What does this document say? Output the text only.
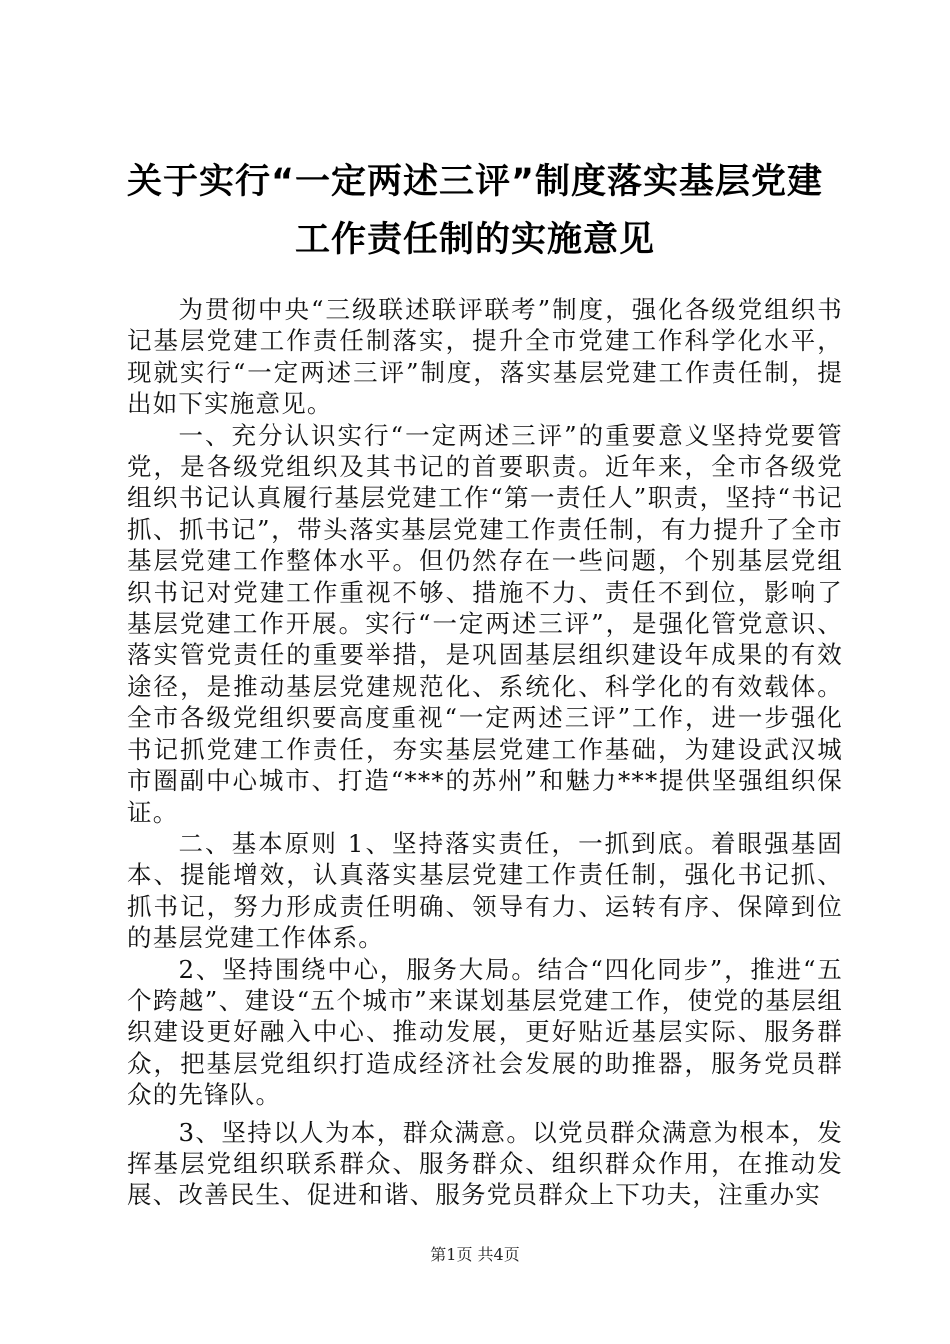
关于实行“一定两述三评”制度落实基层党建
工作责任制的实施意见

为贯彻中央“三级联述联评联考”制度，强化各级党组织书记基层党建工作责任制落实，提升全市党建工作科学化水平，现就实行“一定两述三评”制度，落实基层党建工作责任制，提出如下实施意见。

一、充分认识实行“一定两述三评”的重要意义坚持党要管党，是各级党组织及其书记的首要职责。近年来，全市各级党组织书记认真履行基层党建工作“第一责任人”职责，坚持“书记抓、抓书记”，带头落实基层党建工作责任制，有力提升了全市基层党建工作整体水平。但仍然存在一些问题，个别基层党组织书记对党建工作重视不够、措施不力、责任不到位，影响了基层党建工作开展。实行“一定两述三评”，是强化管党意识、落实管党责任的重要举措，是巩固基层组织建设年成果的有效途径，是推动基层党建规范化、系统化、科学化的有效载体。全市各级党组织要高度重视“一定两述三评”工作，进一步强化书记抓党建工作责任，夯实基层党建工作基础，为建设武汉城市圈副中心城市、打造“***的苏州”和魅力***提供坚强组织保证。

二、基本原则 1、坚持落实责任，一抓到底。着眼强基固本、提能增效，认真落实基层党建工作责任制，强化书记抓、抓书记，努力形成责任明确、领导有力、运转有序、保障到位的基层党建工作体系。

2、坚持围绕中心，服务大局。结合“四化同步”，推进“五个跨越”、建设“五个城市”来谋划基层党建工作，使党的基层组织建设更好融入中心、推动发展，更好贴近基层实际、服务群众，把基层党组织打造成经济社会发展的助推器，服务党员群众的先锋队。

3、坚持以人为本，群众满意。以党员群众满意为根本，发挥基层党组织联系群众、服务群众、组织群众作用，在推动发展、改善民生、促进和谐、服务党员群众上下功夫，注重办实

第1页 共4页
